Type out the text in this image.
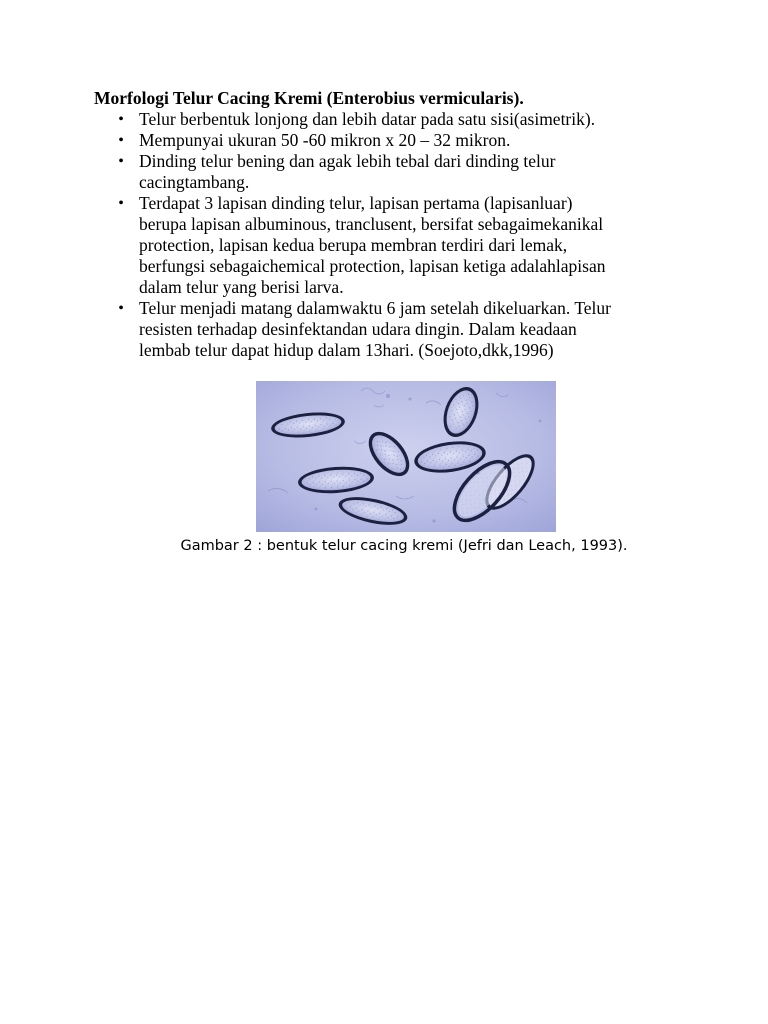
Morfologi Telur Cacing Kremi (Enterobius vermicularis).
• Telur berbentuk lonjong dan lebih datar pada satu sisi(asimetrik).
• Mempunyai ukuran 50 -60 mikron x 20 – 32 mikron.
• Dinding telur bening dan agak lebih tebal dari dinding telur
cacingtambang.
• Terdapat 3 lapisan dinding telur, lapisan pertama (lapisanluar)
berupa lapisan albuminous, tranclusent, bersifat sebagaimekanikal
protection, lapisan kedua berupa membran terdiri dari lemak,
berfungsi sebagaichemical protection, lapisan ketiga adalahlapisan
dalam telur yang berisi larva.
• Telur menjadi matang dalamwaktu 6 jam setelah dikeluarkan. Telur
resisten terhadap desinfektandan udara dingin. Dalam keadaan
lembab telur dapat hidup dalam 13hari. (Soejoto,dkk,1996)
Gambar 2 : bentuk telur cacing kremi (Jefri dan Leach, 1993).
